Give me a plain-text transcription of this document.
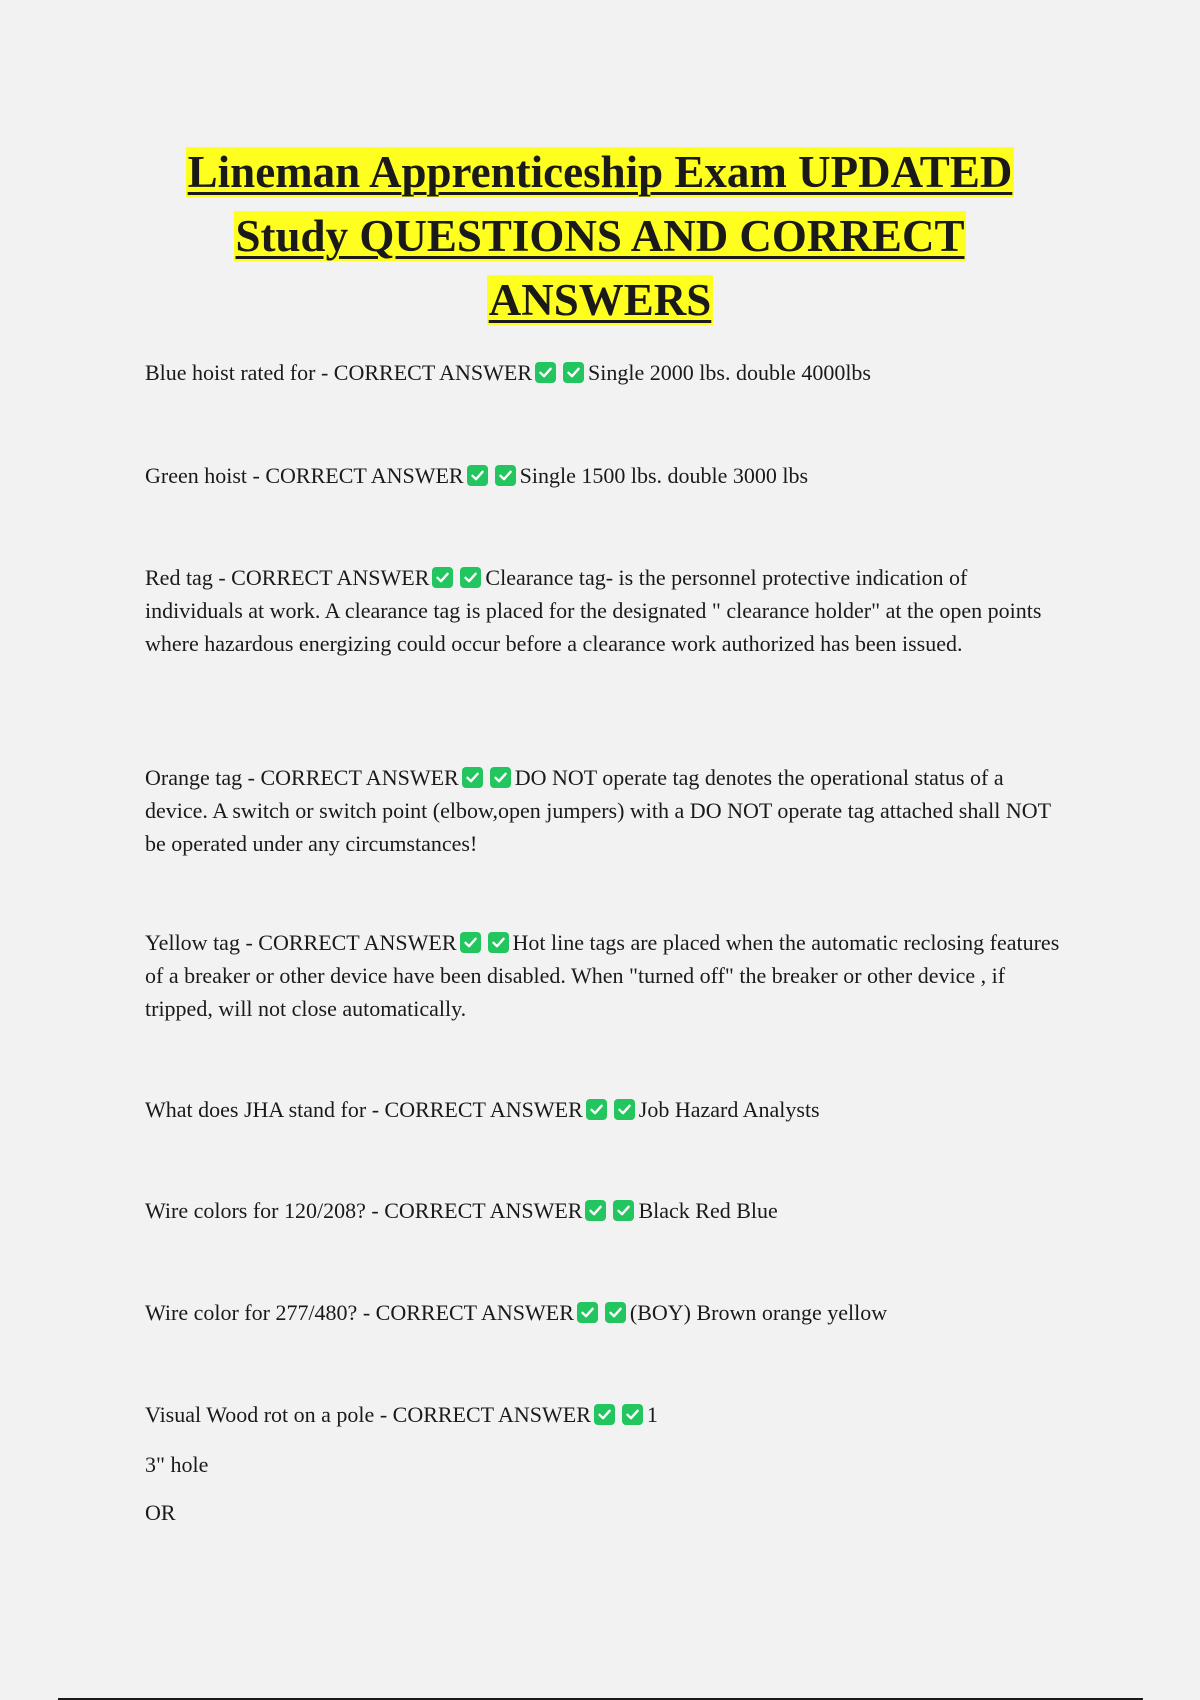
Lineman Apprenticeship Exam UPDATED
Study QUESTIONS AND CORRECT
ANSWERS

Blue hoist rated for - CORRECT ANSWER	Single 2000 lbs. double 4000lbs

Green hoist - CORRECT ANSWER	Single 1500 lbs. double 3000 lbs

Red tag - CORRECT ANSWER	Clearance tag- is the personnel protective indication of individuals at work. A clearance tag is placed for the designated " clearance holder" at the open points where hazardous energizing could occur before a clearance work authorized has been issued.

Orange tag - CORRECT ANSWER	DO NOT operate tag denotes the operational status of a device. A switch or switch point (elbow,open jumpers) with a DO NOT operate tag attached shall NOT be operated under any circumstances!

Yellow tag - CORRECT ANSWER	Hot line tags are placed when the automatic reclosing features of a breaker or other device have been disabled. When "turned off" the breaker or other device , if tripped, will not close automatically.

What does JHA stand for - CORRECT ANSWER	Job Hazard Analysts

Wire colors for 120/208? - CORRECT ANSWER	Black Red Blue

Wire color for 277/480? - CORRECT ANSWER	(BOY) Brown orange yellow

Visual Wood rot on a pole - CORRECT ANSWER	1

3" hole

OR
